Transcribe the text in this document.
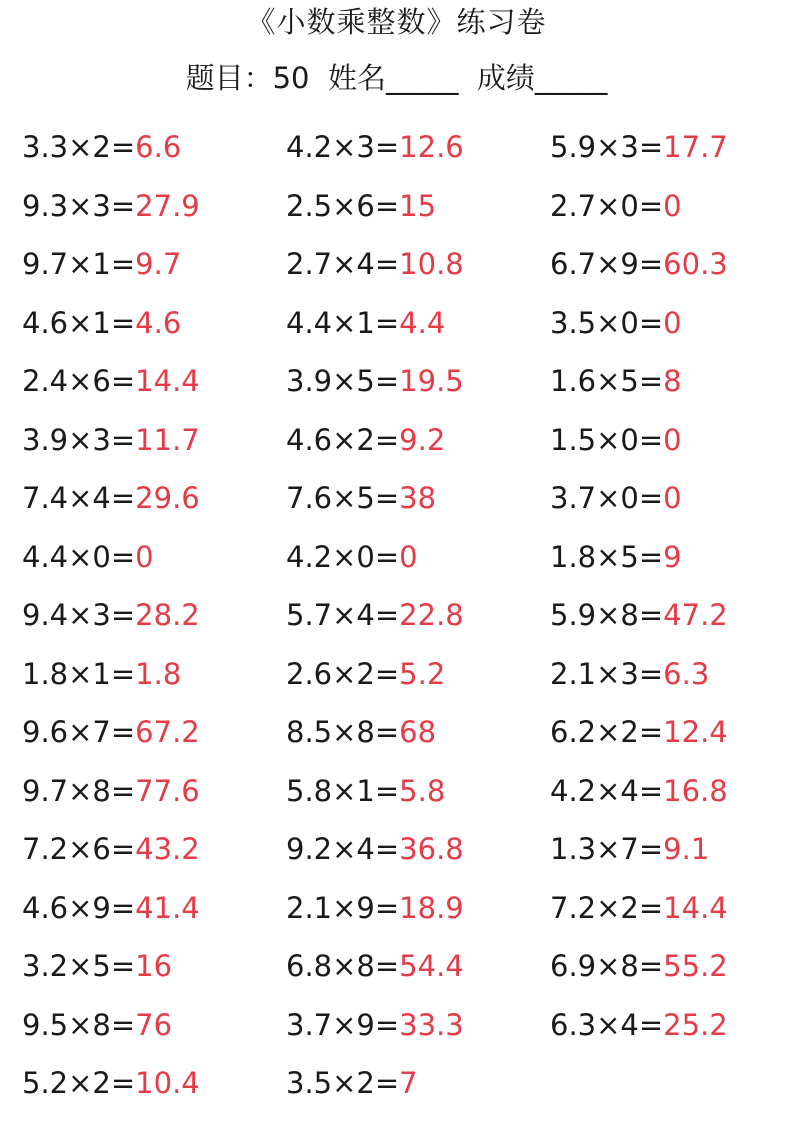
《小数乘整数》练习卷
题目：50  姓名_____  成绩_____
3.3×2=6.6	4.2×3=12.6	5.9×3=17.7
9.3×3=27.9	2.5×6=15	2.7×0=0
9.7×1=9.7	2.7×4=10.8	6.7×9=60.3
4.6×1=4.6	4.4×1=4.4	3.5×0=0
2.4×6=14.4	3.9×5=19.5	1.6×5=8
3.9×3=11.7	4.6×2=9.2	1.5×0=0
7.4×4=29.6	7.6×5=38	3.7×0=0
4.4×0=0	4.2×0=0	1.8×5=9
9.4×3=28.2	5.7×4=22.8	5.9×8=47.2
1.8×1=1.8	2.6×2=5.2	2.1×3=6.3
9.6×7=67.2	8.5×8=68	6.2×2=12.4
9.7×8=77.6	5.8×1=5.8	4.2×4=16.8
7.2×6=43.2	9.2×4=36.8	1.3×7=9.1
4.6×9=41.4	2.1×9=18.9	7.2×2=14.4
3.2×5=16	6.8×8=54.4	6.9×8=55.2
9.5×8=76	3.7×9=33.3	6.3×4=25.2
5.2×2=10.4	3.5×2=7
